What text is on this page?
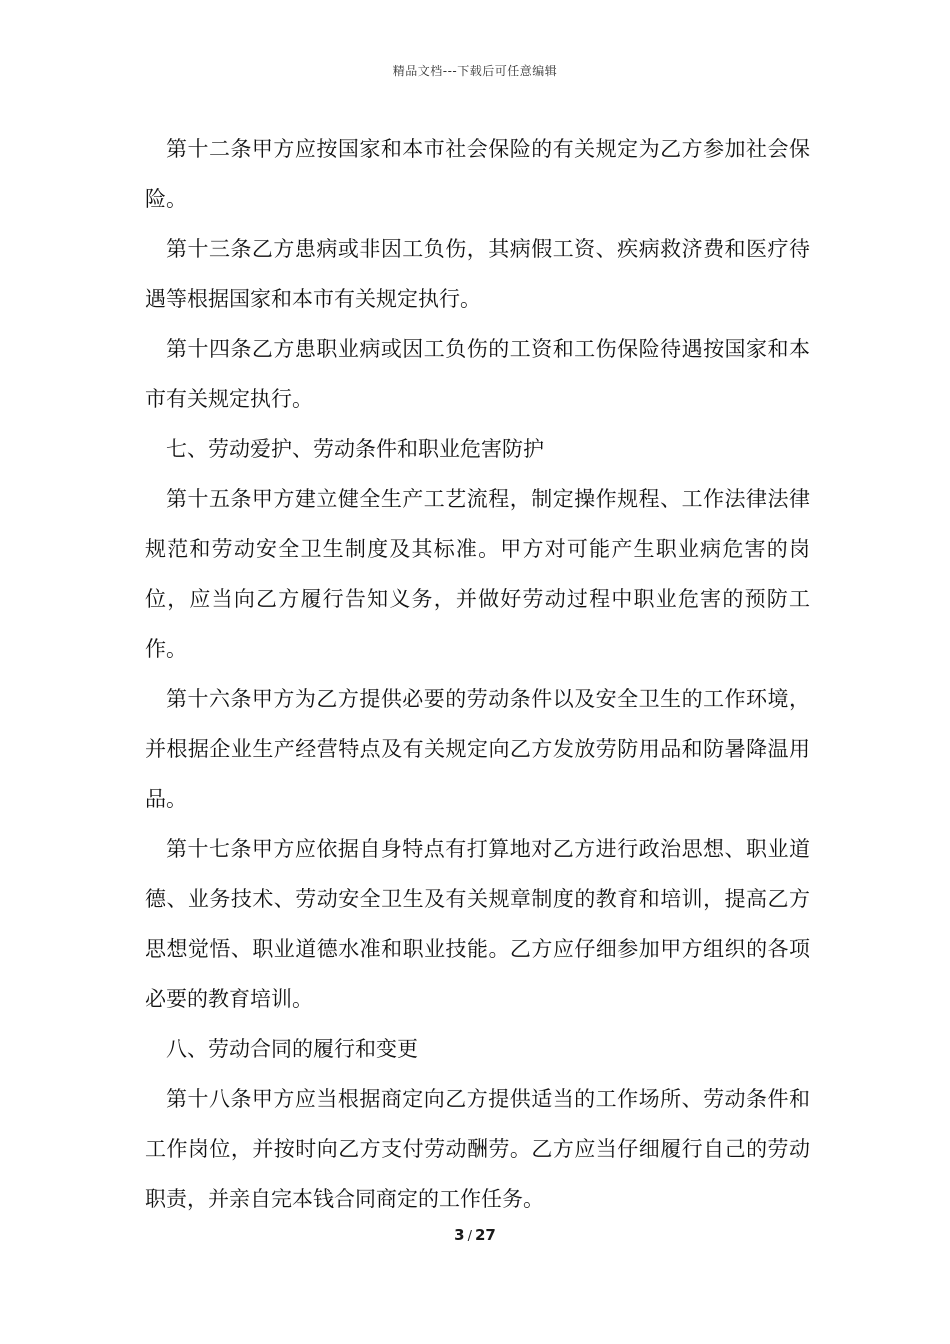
精品文档---下载后可任意编辑

第十二条甲方应按国家和本市社会保险的有关规定为乙方参加社会保险。

第十三条乙方患病或非因工负伤，其病假工资、疾病救济费和医疗待遇等根据国家和本市有关规定执行。

第十四条乙方患职业病或因工负伤的工资和工伤保险待遇按国家和本市有关规定执行。

七、劳动爱护、劳动条件和职业危害防护

第十五条甲方建立健全生产工艺流程，制定操作规程、工作法律法律规范和劳动安全卫生制度及其标准。甲方对可能产生职业病危害的岗位，应当向乙方履行告知义务，并做好劳动过程中职业危害的预防工作。

第十六条甲方为乙方提供必要的劳动条件以及安全卫生的工作环境，并根据企业生产经营特点及有关规定向乙方发放劳防用品和防暑降温用品。

第十七条甲方应依据自身特点有打算地对乙方进行政治思想、职业道德、业务技术、劳动安全卫生及有关规章制度的教育和培训，提高乙方思想觉悟、职业道德水准和职业技能。乙方应仔细参加甲方组织的各项必要的教育培训。

八、劳动合同的履行和变更

第十八条甲方应当根据商定向乙方提供适当的工作场所、劳动条件和工作岗位，并按时向乙方支付劳动酬劳。乙方应当仔细履行自己的劳动职责，并亲自完本钱合同商定的工作任务。

3 / 27
